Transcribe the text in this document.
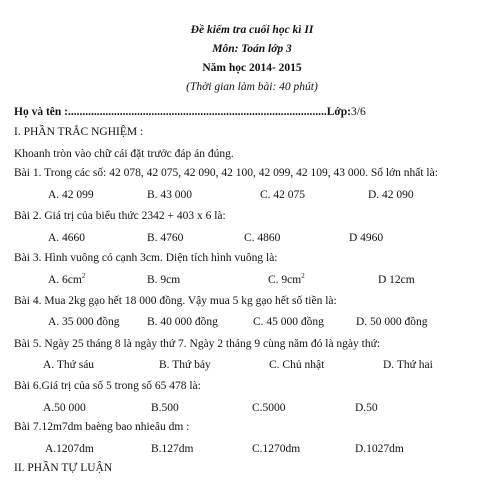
Đề kiểm tra cuối học kì II
Môn: Toán lớp 3
Năm học 2014- 2015
(Thời gian làm bài: 40 phút)
Họ và tên :..........................................................................................Lớp:3/6
I. PHẦN TRẮC NGHIỆM :
Khoanh tròn vào chữ cái đặt trước đáp án đúng.
Bài 1. Trong các số: 42 078, 42 075, 42 090, 42 100, 42 099, 42 109, 43 000. Số lớn nhất là:
A. 42 099	B. 43 000	C. 42 075	D. 42 090
Bài 2. Giá trị của biểu thức 2342 + 403 x 6 là:
A. 4660	B. 4760	C. 4860	D 4960
Bài 3. Hình vuông có cạnh 3cm. Diện tích hình vuông là:
A. $6cm^2$	B. 9cm	C. $9cm^2$	D 12cm
Bài 4. Mua 2kg gạo hết 18 000 đồng. Vậy mua 5 kg gạo hết số tiền là:
A. 35 000 đồng B. 40 000 đồng	C. 45 000 đồng	D. 50 000 đồng
Bài 5. Ngày 25 tháng 8 là ngày thứ 7. Ngày 2 tháng 9 cùng năm đó là ngày thứ:
A. Thứ sáu	B. Thứ bảy	C. Chủ nhật	D. Thứ hai
Bài 6.Giá trị của số 5 trong số 65 478 là:
A.50 000	B.500	C.5000	D.50
Bài 7.12m7dm baèng bao nhieâu dm :
A.1207dm	B.127dm	C.1270dm	D.1027dm
II. PHẦN TỰ LUẬN
